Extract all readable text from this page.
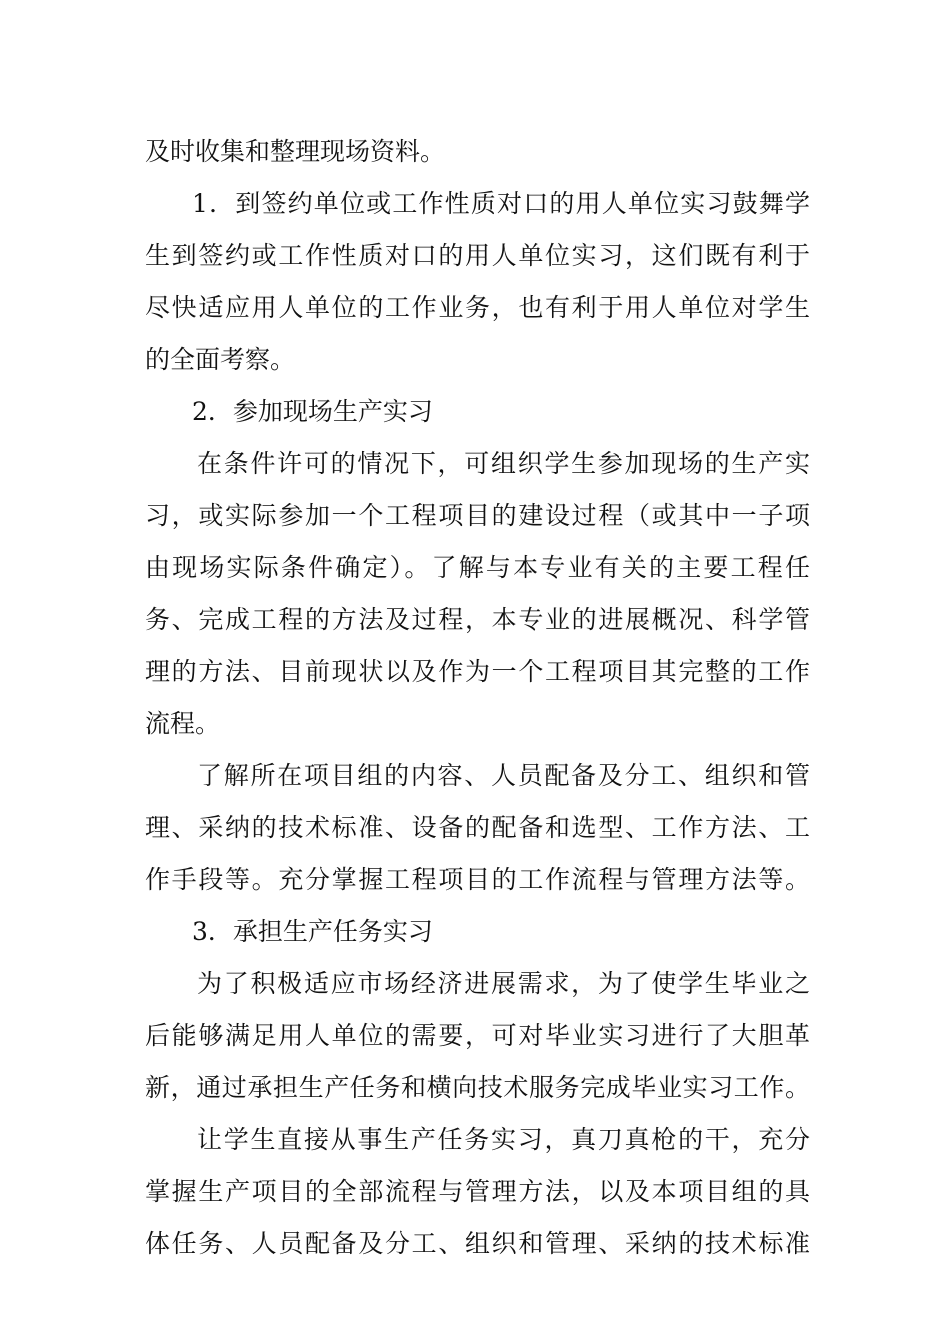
及时收集和整理现场资料。
1．到签约单位或工作性质对口的用人单位实习鼓舞学
生到签约或工作性质对口的用人单位实习，这们既有利于
尽快适应用人单位的工作业务，也有利于用人单位对学生
的全面考察。
2．参加现场生产实习
在条件许可的情况下，可组织学生参加现场的生产实
习，或实际参加一个工程项目的建设过程（或其中一子项
由现场实际条件确定）。了解与本专业有关的主要工程任
务、完成工程的方法及过程，本专业的进展概况、科学管
理的方法、目前现状以及作为一个工程项目其完整的工作
流程。
了解所在项目组的内容、人员配备及分工、组织和管
理、采纳的技术标准、设备的配备和选型、工作方法、工
作手段等。充分掌握工程项目的工作流程与管理方法等。
3．承担生产任务实习
为了积极适应市场经济进展需求，为了使学生毕业之
后能够满足用人单位的需要，可对毕业实习进行了大胆革
新，通过承担生产任务和横向技术服务完成毕业实习工作。
让学生直接从事生产任务实习，真刀真枪的干，充分
掌握生产项目的全部流程与管理方法，以及本项目组的具
体任务、人员配备及分工、组织和管理、采纳的技术标准
